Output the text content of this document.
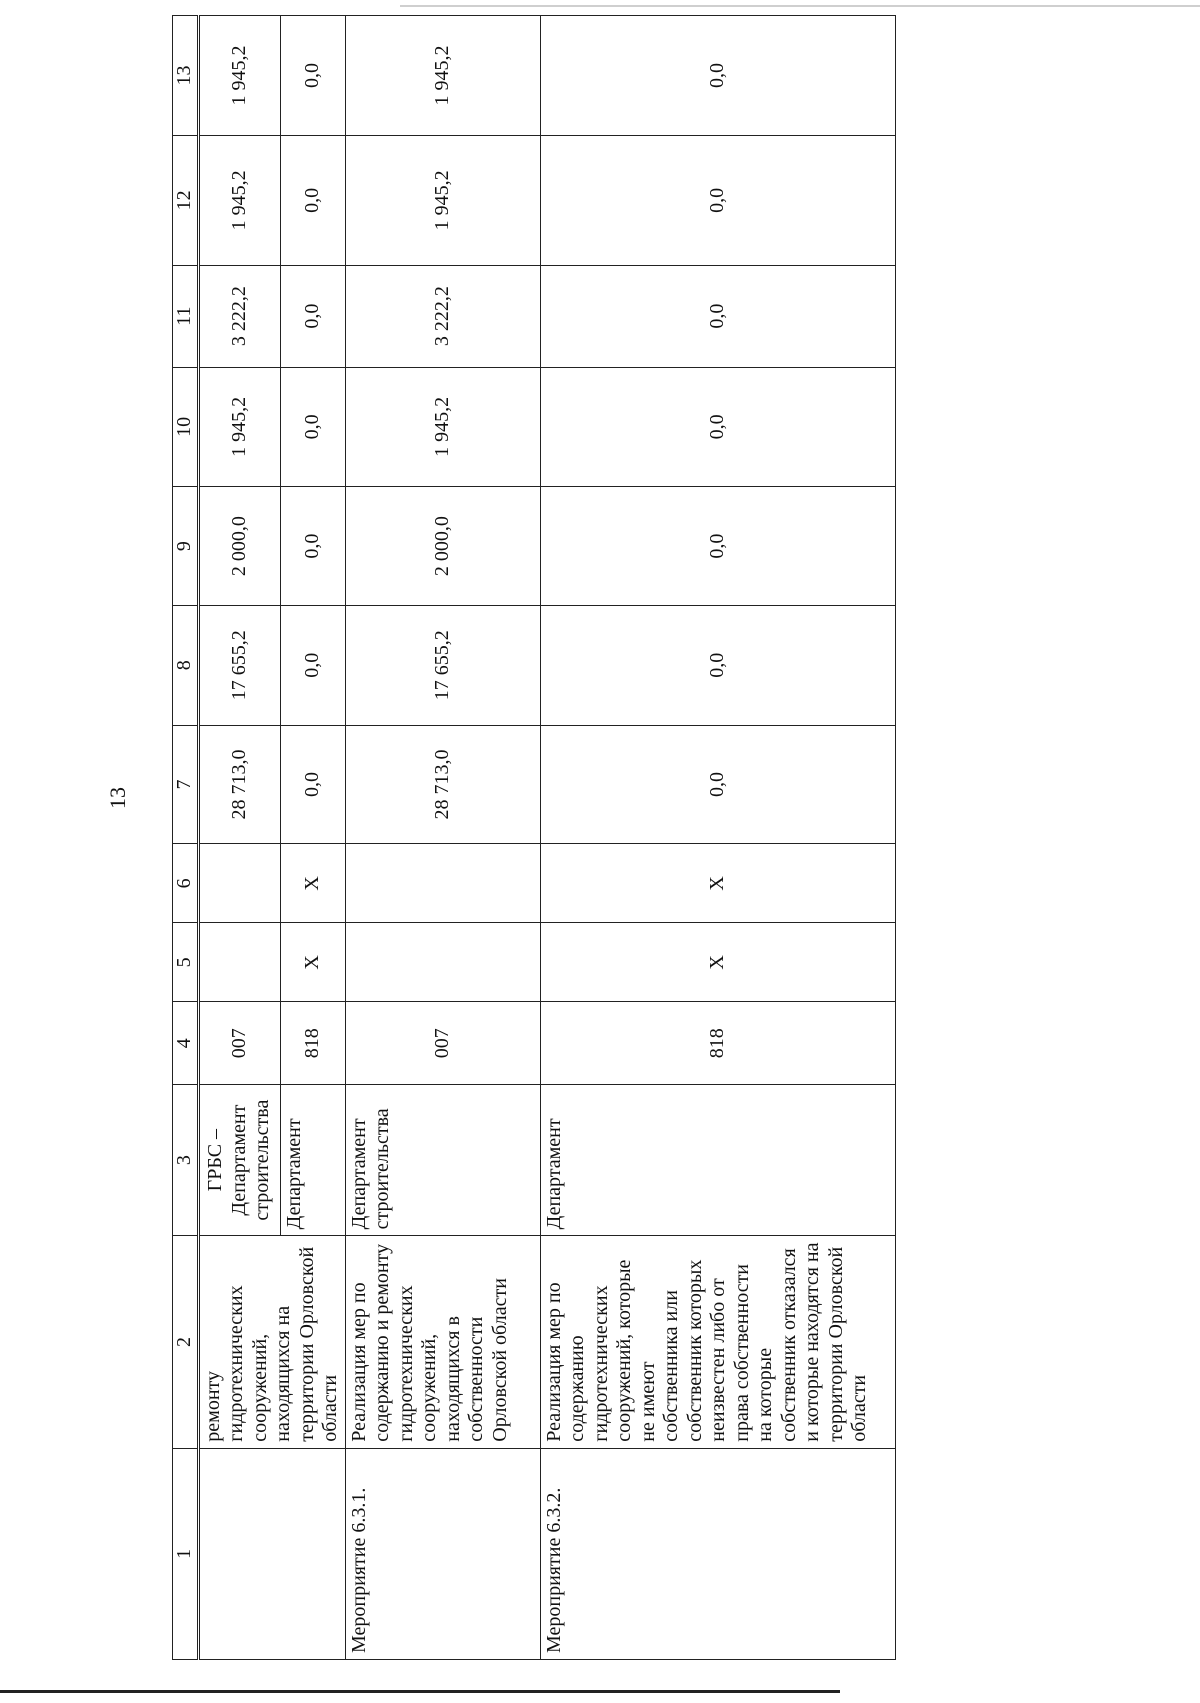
13
1	2	3	4	5	6	7	8	9	10	11	12	13
	ремонту гидротехнических сооружений, находящихся на территории Орловской области	ГРБС – Департамент строительства	007			28 713,0	17 655,2	2 000,0	1 945,2	3 222,2	1 945,2	1 945,2
		Департамент	818	Х	Х	0,0	0,0	0,0	0,0	0,0	0,0	0,0
Мероприятие 6.3.1.	Реализация мер по содержанию и ремонту гидротехнических сооружений, находящихся в собственности Орловской области	Департамент строительства	007			28 713,0	17 655,2	2 000,0	1 945,2	3 222,2	1 945,2	1 945,2
Мероприятие 6.3.2.	Реализация мер по содержанию гидротехнических сооружений, которые не имеют собственника или собственник которых неизвестен либо от права собственности на которые собственник отказался и которые находятся на территории Орловской области	Департамент	818	Х	Х	0,0	0,0	0,0	0,0	0,0	0,0	0,0
